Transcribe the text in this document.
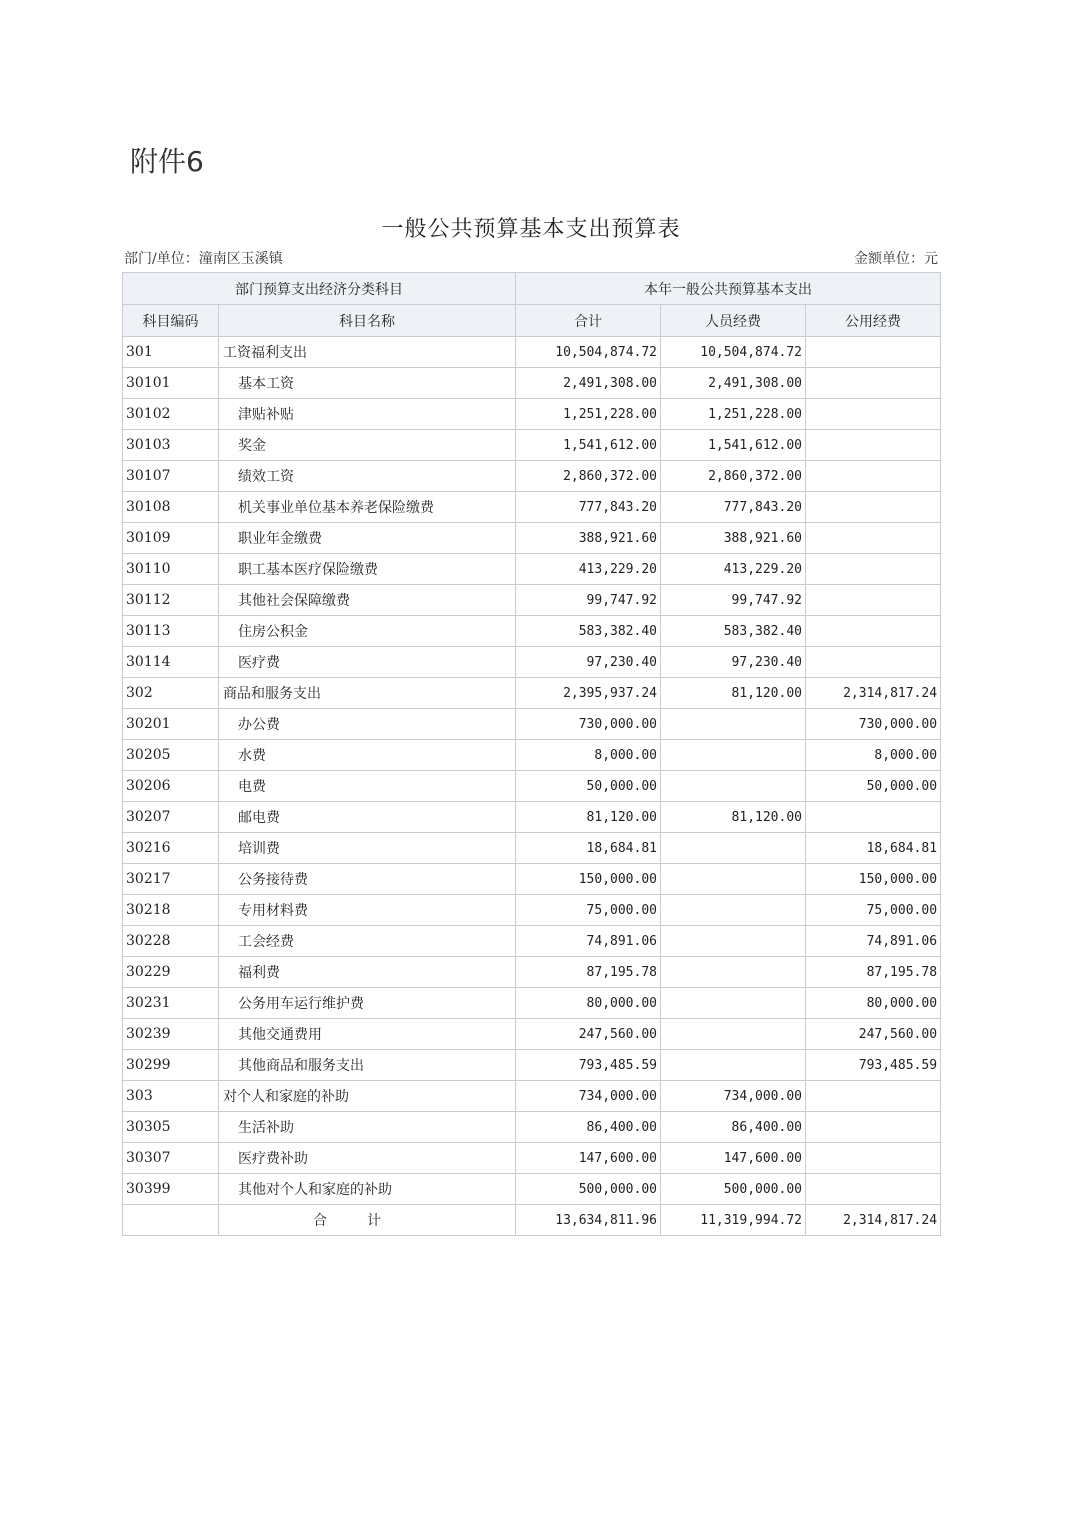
附件6
一般公共预算基本支出预算表
部门/单位：潼南区玉溪镇	金额单位：元
部门预算支出经济分类科目		本年一般公共预算基本支出		
科目编码	科目名称	合计	人员经费	公用经费
301	工资福利支出	10,504,874.72	10,504,874.72	
30101	基本工资	2,491,308.00	2,491,308.00	
30102	津贴补贴	1,251,228.00	1,251,228.00	
30103	奖金	1,541,612.00	1,541,612.00	
30107	绩效工资	2,860,372.00	2,860,372.00	
30108	机关事业单位基本养老保险缴费	777,843.20	777,843.20	
30109	职业年金缴费	388,921.60	388,921.60	
30110	职工基本医疗保险缴费	413,229.20	413,229.20	
30112	其他社会保障缴费	99,747.92	99,747.92	
30113	住房公积金	583,382.40	583,382.40	
30114	医疗费	97,230.40	97,230.40	
302	商品和服务支出	2,395,937.24	81,120.00	2,314,817.24
30201	办公费	730,000.00		730,000.00
30205	水费	8,000.00		8,000.00
30206	电费	50,000.00		50,000.00
30207	邮电费	81,120.00	81,120.00	
30216	培训费	18,684.81		18,684.81
30217	公务接待费	150,000.00		150,000.00
30218	专用材料费	75,000.00		75,000.00
30228	工会经费	74,891.06		74,891.06
30229	福利费	87,195.78		87,195.78
30231	公务用车运行维护费	80,000.00		80,000.00
30239	其他交通费用	247,560.00		247,560.00
30299	其他商品和服务支出	793,485.59		793,485.59
303	对个人和家庭的补助	734,000.00	734,000.00	
30305	生活补助	86,400.00	86,400.00	
30307	医疗费补助	147,600.00	147,600.00	
30399	其他对个人和家庭的补助	500,000.00	500,000.00	
	合计	13,634,811.96	11,319,994.72	2,314,817.24
